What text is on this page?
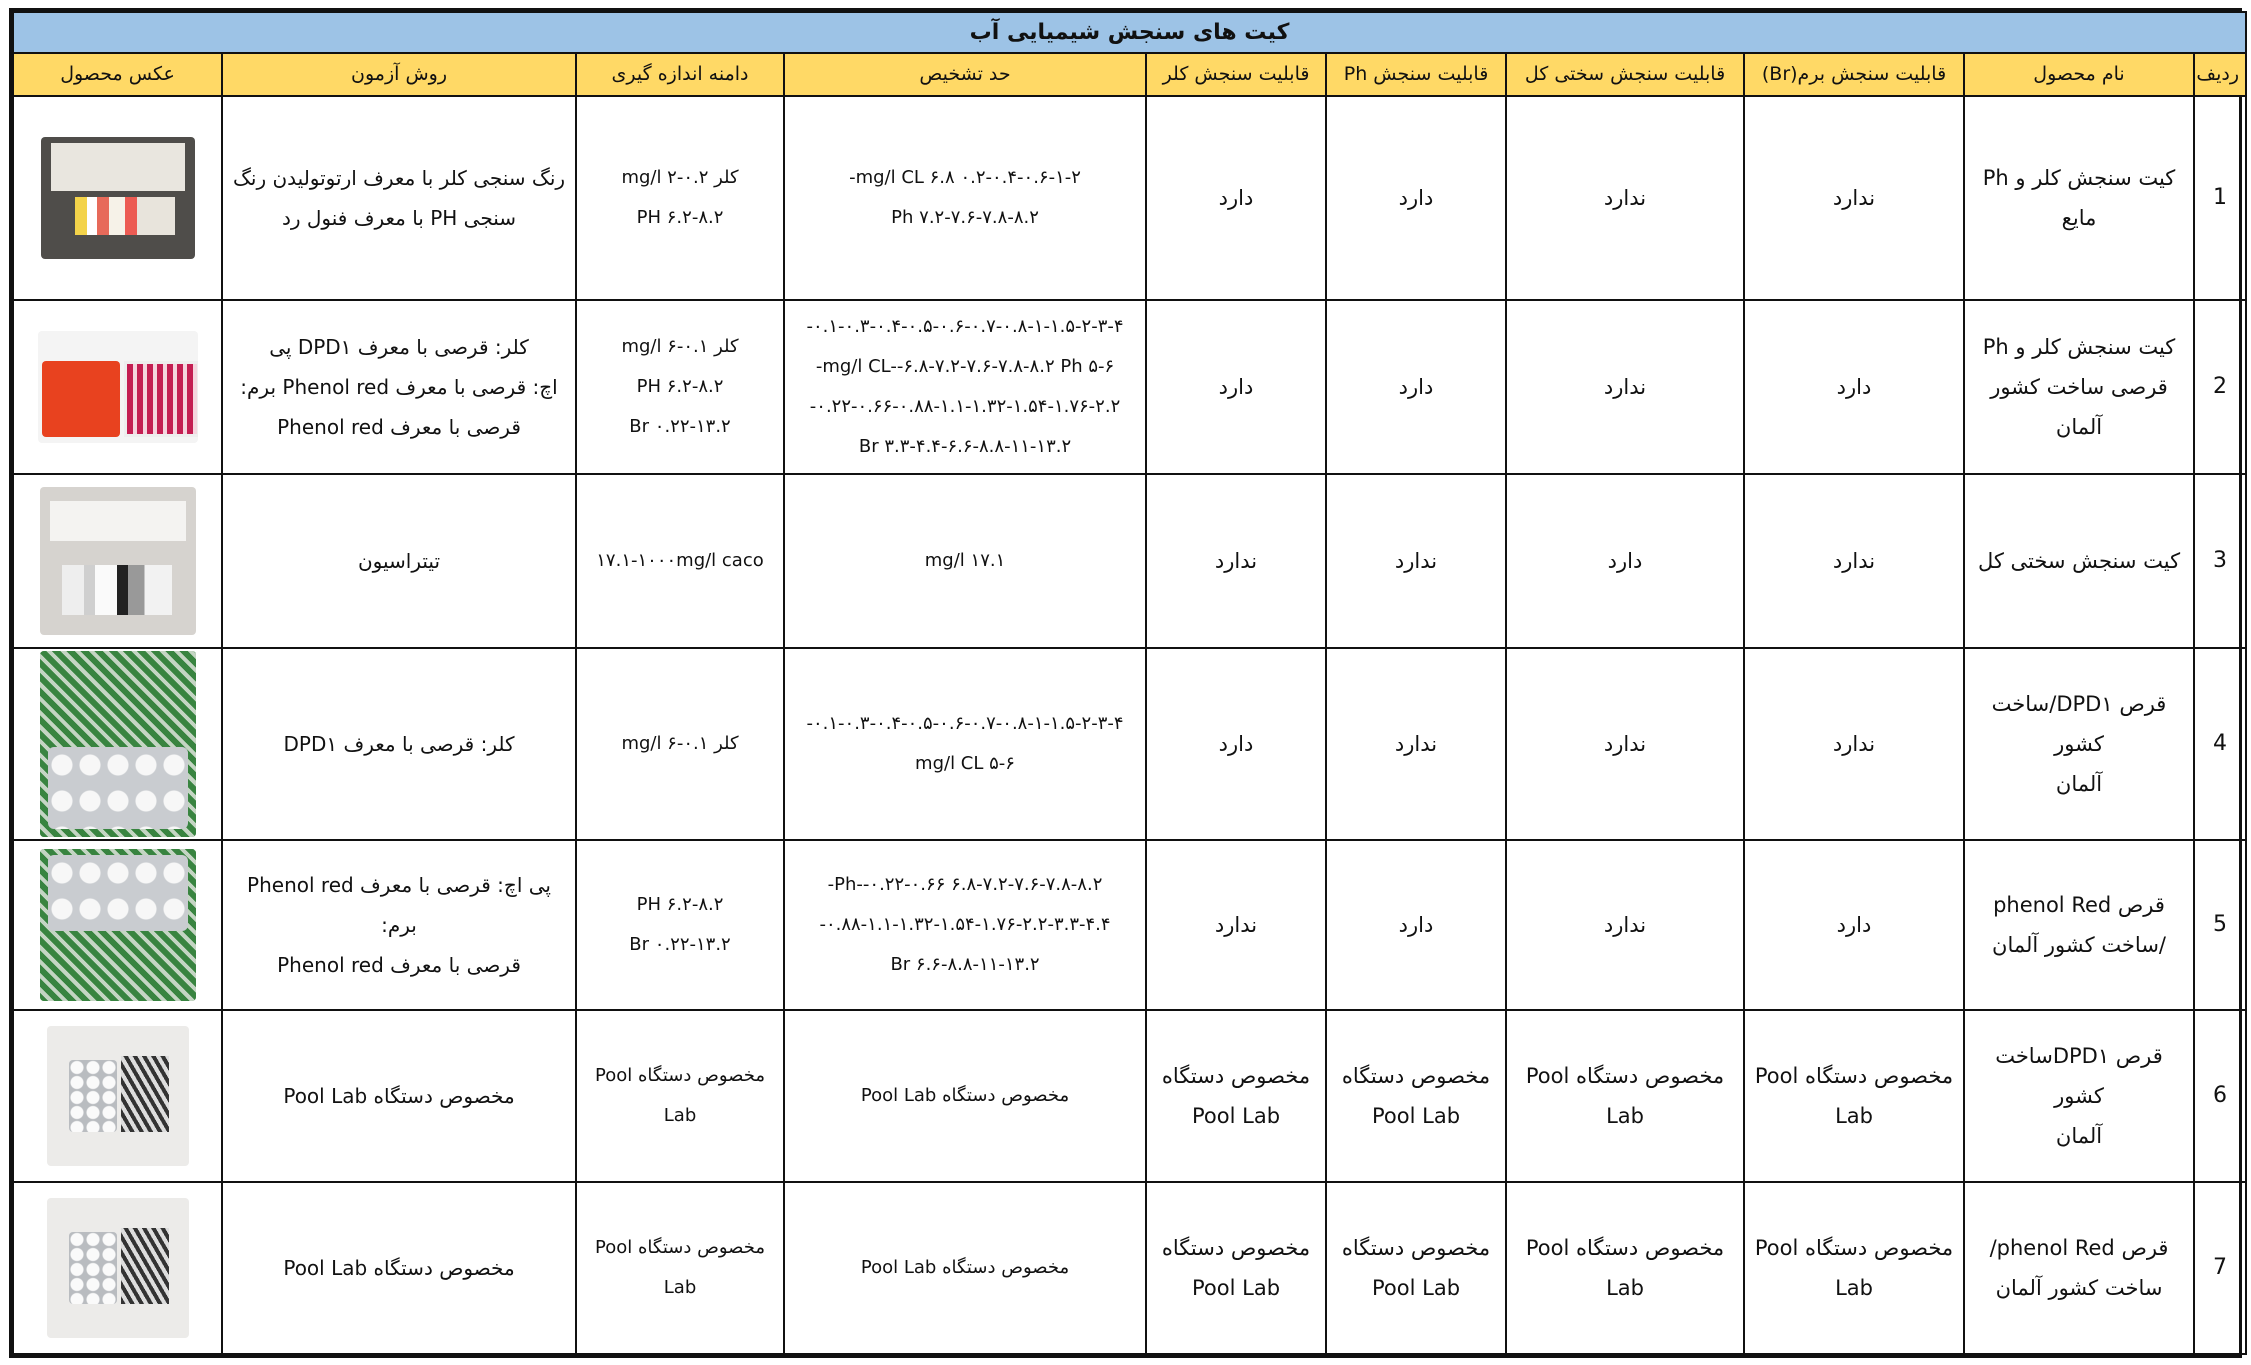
کیت های سنجش شیمیایی آب									
ردیف	نام محصول	قابلیت سنجش برم(Br)	قابلیت سنجش سختی کل	قابلیت سنجش Ph	قابلیت سنجش کلر	حد تشخیص	دامنه اندازه گیری	روش آزمون	عکس محصول
1	کیت سنجش کلر و Ph مایع	ندارد	ندارد	دارد	دارد	۰.۲-۰.۴-۰.۶-۱-۲ mg/l CL ۶.۸-
۷.۲-۷.۶-۷.۸-۸.۲ Ph	کلر mg/l ۲-۰.۲
۶.۲-۸.۲ PH	رنگ سنجی کلر با معرف ارتوتولیدن رنگ
سنجی PH با معرف فنول رد	

2	کیت سنجش کلر و Ph
قرصی ساخت کشور آلمان	دارد	ندارد	دارد	دارد	۰.۱-۰.۳-۰.۴-۰.۵-۰.۶-۰.۷-۰.۸-۱-۱.۵-۲-۳-۴-
۵-۶ mg/l CL--۶.۸-۷.۲-۷.۶-۷.۸-۸.۲ Ph-
۰.۲۲-۰.۶۶-۰.۸۸-۱.۱-۱.۳۲-۱.۵۴-۱.۷۶-۲.۲-
۳.۳-۴.۴-۶.۶-۸.۸-۱۱-۱۳.۲ Br	کلر mg/l ۶-۰.۱
۶.۲-۸.۲ PH
۰.۲۲-۱۳.۲ Br	کلر: قرصی با معرف DPD۱ پی
اچ: قرصی با معرف Phenol red برم:
قرصی با معرف Phenol red	

3	کیت سنجش سختی کل	ندارد	دارد	ندارد	ندارد	۱۷.۱ mg/l	۱۷.۱-۱۰۰۰mg/l caco	تیتراسیون	

4	قرص DPD۱/ساخت کشور
آلمان	ندارد	ندارد	ندارد	دارد	۰.۱-۰.۳-۰.۴-۰.۵-۰.۶-۰.۷-۰.۸-۱-۱.۵-۲-۳-۴-
۵-۶ mg/l CL	کلر mg/l ۶-۰.۱	کلر: قرصی با معرف DPD۱	

5	قرص phenol Red
/ساخت کشور آلمان	دارد	ندارد	دارد	ندارد	۶.۸-۷.۲-۷.۶-۷.۸-۸.۲ Ph--۰.۲۲-۰.۶۶-
۰.۸۸-۱.۱-۱.۳۲-۱.۵۴-۱.۷۶-۲.۲-۳.۳-۴.۴-
۶.۶-۸.۸-۱۱-۱۳.۲ Br	۶.۲-۸.۲ PH
۰.۲۲-۱۳.۲ Br	پی اچ: قرصی با معرف Phenol red برم:
قرصی با معرف Phenol red	

6	قرص DPD۱ساخت کشور
آلمان	مخصوص دستگاه Pool
Lab	مخصوص دستگاه Pool
Lab	مخصوص دستگاه
Pool Lab	مخصوص دستگاه
Pool Lab	مخصوص دستگاه Pool Lab	مخصوص دستگاه Pool
Lab	مخصوص دستگاه Pool Lab	

7	قرص phenol Red/
ساخت کشور آلمان	مخصوص دستگاه Pool
Lab	مخصوص دستگاه Pool
Lab	مخصوص دستگاه
Pool Lab	مخصوص دستگاه
Pool Lab	مخصوص دستگاه Pool Lab	مخصوص دستگاه Pool
Lab	مخصوص دستگاه Pool Lab	
